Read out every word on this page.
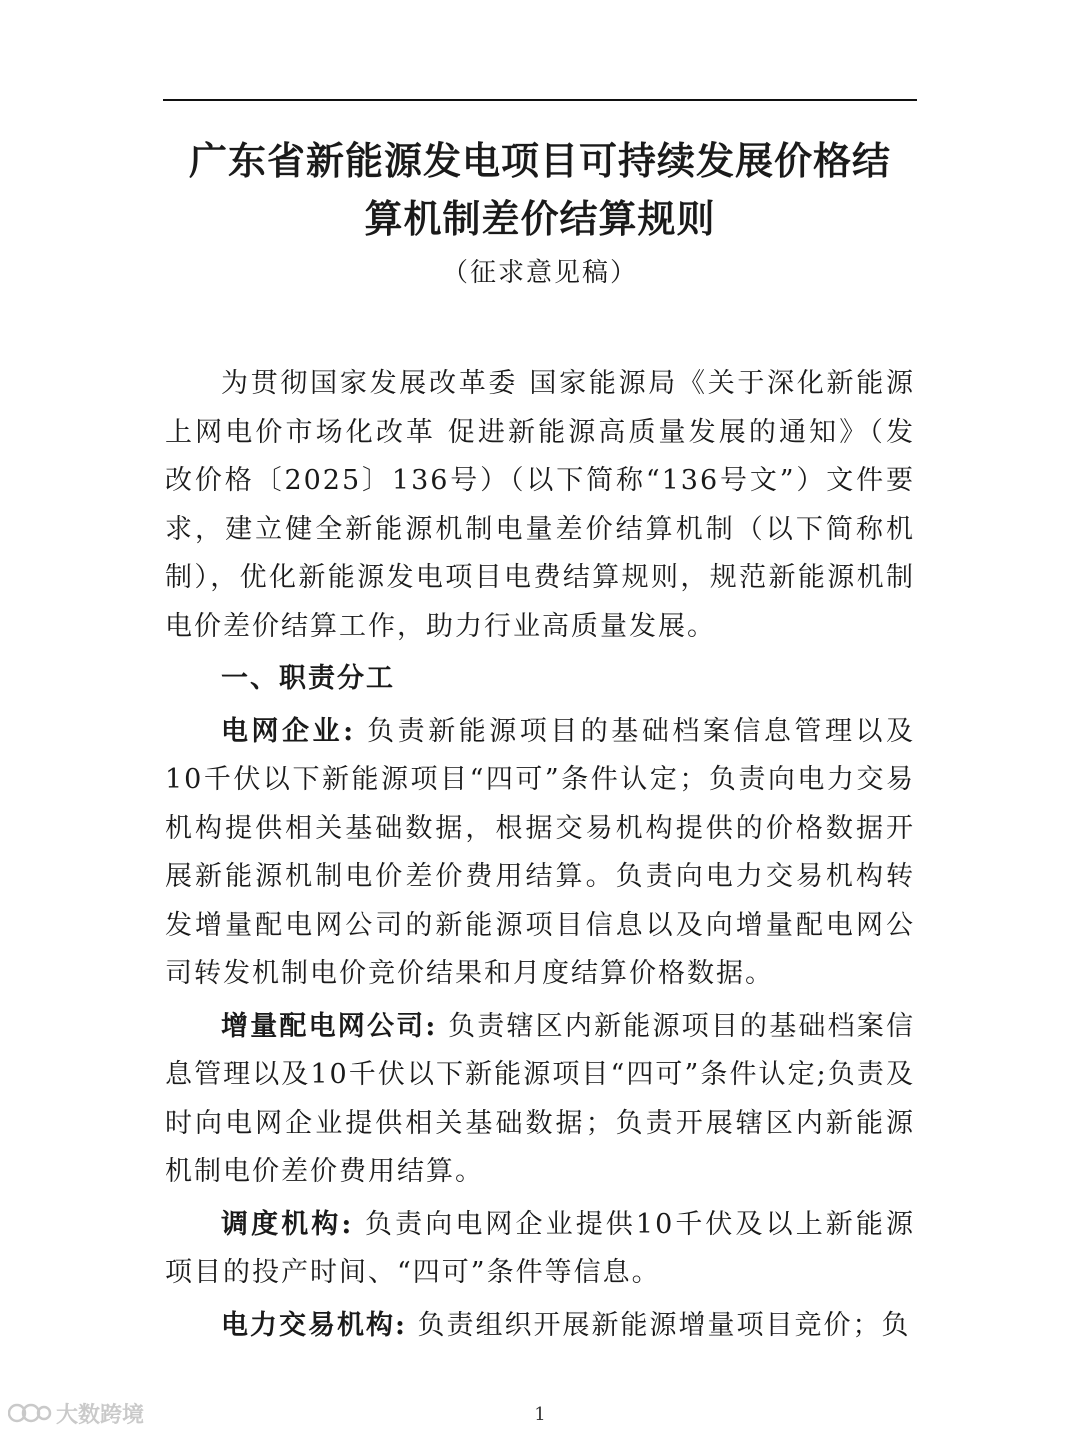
广东省新能源发电项目可持续发展价格结
算机制差价结算规则
（征求意见稿）

为贯彻国家发展改革委 国家能源局《关于深化新能源上网电价市场化改革 促进新能源高质量发展的通知》（发改价格〔2025〕136号）（以下简称“136号文”）文件要求，建立健全新能源机制电量差价结算机制（以下简称机制），优化新能源发电项目电费结算规则，规范新能源机制电价差价结算工作，助力行业高质量发展。

一、职责分工

电网企业: 负责新能源项目的基础档案信息管理以及10千伏以下新能源项目“四可”条件认定；负责向电力交易机构提供相关基础数据，根据交易机构提供的价格数据开展新能源机制电价差价费用结算。负责向电力交易机构转发增量配电网公司的新能源项目信息以及向增量配电网公司转发机制电价竞价结果和月度结算价格数据。

增量配电网公司: 负责辖区内新能源项目的基础档案信息管理以及10千伏以下新能源项目“四可”条件认定;负责及时向电网企业提供相关基础数据；负责开展辖区内新能源机制电价差价费用结算。

调度机构: 负责向电网企业提供10千伏及以上新能源项目的投产时间、“四可”条件等信息。

电力交易机构: 负责组织开展新能源增量项目竞价；负

大数跨境	1
